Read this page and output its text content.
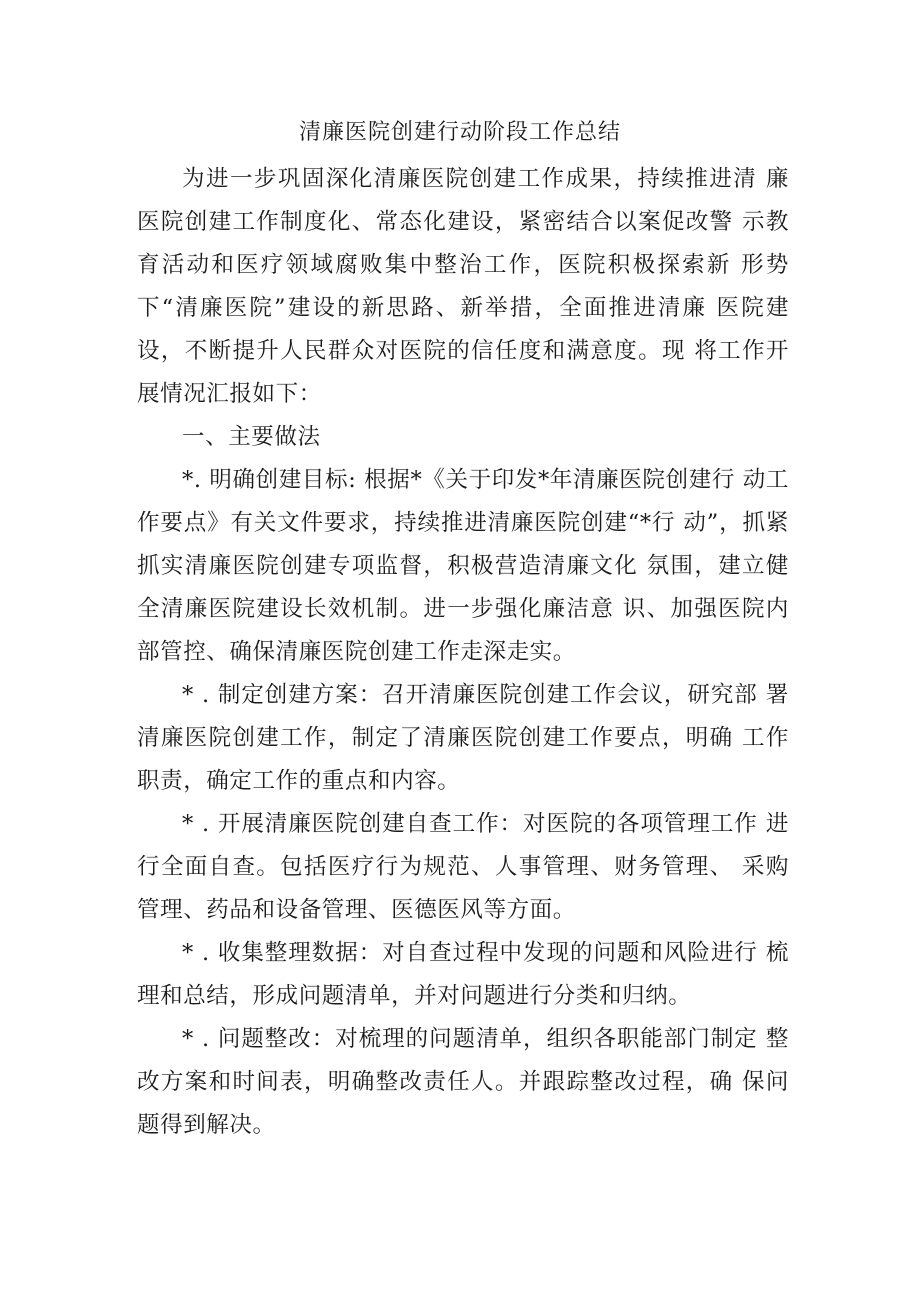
清廉医院创建行动阶段工作总结

为进一步巩固深化清廉医院创建工作成果，持续推进清 廉医院创建工作制度化、常态化建设，紧密结合以案促改警 示教育活动和医疗领域腐败集中整治工作，医院积极探索新 形势下“清廉医院”建设的新思路、新举措，全面推进清廉 医院建设，不断提升人民群众对医院的信任度和满意度。现 将工作开展情况汇报如下：

一、主要做法

*. 明确创建目标: 根据*《关于印发*年清廉医院创建行 动工作要点》有关文件要求，持续推进清廉医院创建“*行 动”，抓紧抓实清廉医院创建专项监督，积极营造清廉文化 氛围，建立健全清廉医院建设长效机制。进一步强化廉洁意 识、加强医院内部管控、确保清廉医院创建工作走深走实。

* . 制定创建方案：召开清廉医院创建工作会议，研究部 署清廉医院创建工作，制定了清廉医院创建工作要点，明确 工作职责，确定工作的重点和内容。

* . 开展清廉医院创建自查工作：对医院的各项管理工作 进行全面自查。包括医疗行为规范、人事管理、财务管理、 采购管理、药品和设备管理、医德医风等方面。

* . 收集整理数据：对自查过程中发现的问题和风险进行 梳理和总结，形成问题清单，并对问题进行分类和归纳。

* . 问题整改：对梳理的问题清单，组织各职能部门制定 整改方案和时间表，明确整改责任人。并跟踪整改过程，确 保问题得到解决。
